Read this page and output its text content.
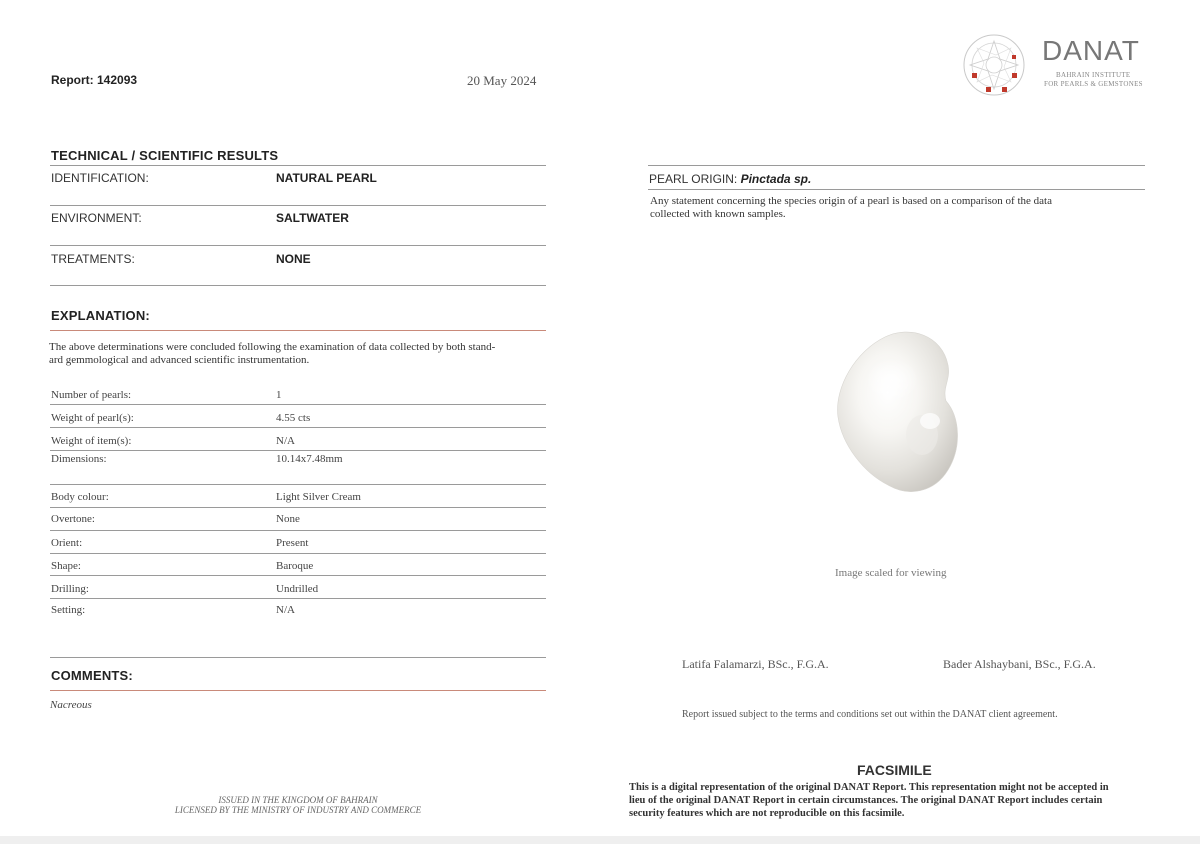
Report: 142093	20 May 2024
DANAT
BAHRAIN INSTITUTE
FOR PEARLS & GEMSTONES
TECHNICAL / SCIENTIFIC RESULTS
IDENTIFICATION:	NATURAL PEARL
ENVIRONMENT:	SALTWATER
TREATMENTS:	NONE
EXPLANATION:
The above determinations were concluded following the examination of data collected by both stand-
ard gemmological and advanced scientific instrumentation.
Number of pearls:	1
Weight of pearl(s):	4.55 cts
Weight of item(s):	N/A
Dimensions:	10.14x7.48mm
Body colour:	Light Silver Cream
Overtone:	None
Orient:	Present
Shape:	Baroque
Drilling:	Undrilled
Setting:	N/A
COMMENTS:
Nacreous
ISSUED IN THE KINGDOM OF BAHRAIN
LICENSED BY THE MINISTRY OF INDUSTRY AND COMMERCE
PEARL ORIGIN: Pinctada sp.
Any statement concerning the species origin of a pearl is based on a comparison of the data
collected with known samples.
Image scaled for viewing
Latifa Falamarzi, BSc., F.G.A.	Bader Alshaybani, BSc., F.G.A.
Report issued subject to the terms and conditions set out within the DANAT client agreement.
FACSIMILE
This is a digital representation of the original DANAT Report. This representation might not be accepted in
lieu of the original DANAT Report in certain circumstances. The original DANAT Report includes certain
security features which are not reproducible on this facsimile.
